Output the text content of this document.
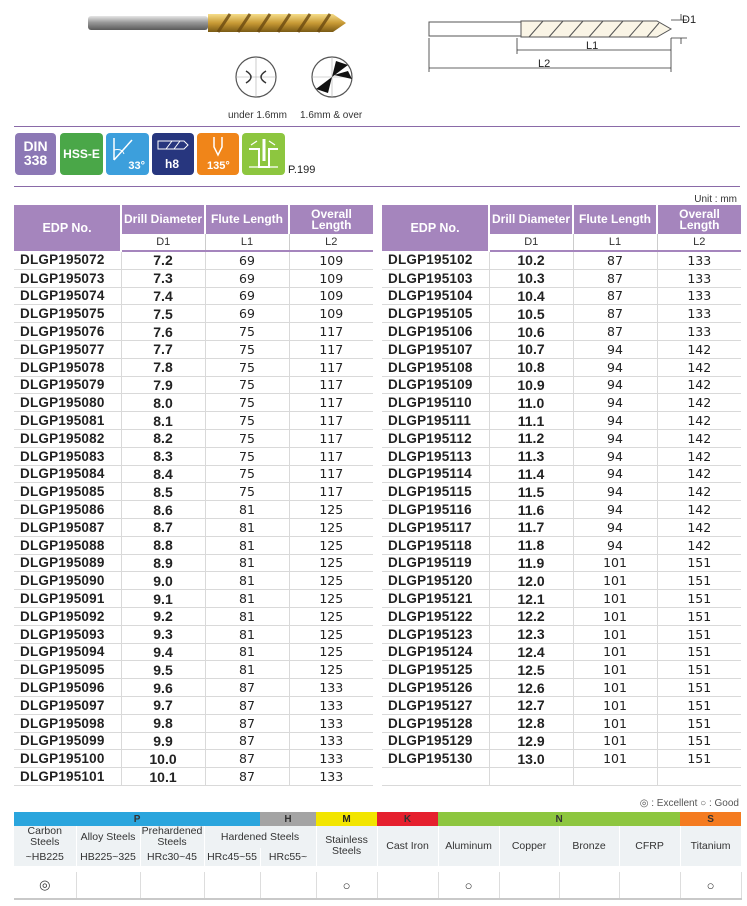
under 1.6mm 1.6mm & over
D1
L1
L2
DIN
338	HSS-E
33° h8	135°	P.199
Unit : mm
EDP No.	Drill Diameter	Flute Length	Overall Length
	D1	L1	L2
DLGP195072	7.2	69	109
DLGP195073	7.3	69	109
DLGP195074	7.4	69	109
DLGP195075	7.5	69	109
DLGP195076	7.6	75	117
DLGP195077	7.7	75	117
DLGP195078	7.8	75	117
DLGP195079	7.9	75	117
DLGP195080	8.0	75	117
DLGP195081	8.1	75	117
DLGP195082	8.2	75	117
DLGP195083	8.3	75	117
DLGP195084	8.4	75	117
DLGP195085	8.5	75	117
DLGP195086	8.6	81	125
DLGP195087	8.7	81	125
DLGP195088	8.8	81	125
DLGP195089	8.9	81	125
DLGP195090	9.0	81	125
DLGP195091	9.1	81	125
DLGP195092	9.2	81	125
DLGP195093	9.3	81	125
DLGP195094	9.4	81	125
DLGP195095	9.5	81	125
DLGP195096	9.6	87	133
DLGP195097	9.7	87	133
DLGP195098	9.8	87	133
DLGP195099	9.9	87	133
DLGP195100	10.0	87	133
DLGP195101	10.1	87	133
EDP No.	Drill Diameter	Flute Length	Overall Length
	D1	L1	L2
DLGP195102	10.2	87	133
DLGP195103	10.3	87	133
DLGP195104	10.4	87	133
DLGP195105	10.5	87	133
DLGP195106	10.6	87	133
DLGP195107	10.7	94	142
DLGP195108	10.8	94	142
DLGP195109	10.9	94	142
DLGP195110	11.0	94	142
DLGP195111	11.1	94	142
DLGP195112	11.2	94	142
DLGP195113	11.3	94	142
DLGP195114	11.4	94	142
DLGP195115	11.5	94	142
DLGP195116	11.6	94	142
DLGP195117	11.7	94	142
DLGP195118	11.8	94	142
DLGP195119	11.9	101	151
DLGP195120	12.0	101	151
DLGP195121	12.1	101	151
DLGP195122	12.2	101	151
DLGP195123	12.3	101	151
DLGP195124	12.4	101	151
DLGP195125	12.5	101	151
DLGP195126	12.6	101	151
DLGP195127	12.7	101	151
DLGP195128	12.8	101	151
DLGP195129	12.9	101	151
DLGP195130	13.0	101	151

◎ : Excellent ○ : Good
P				H	M	K	N				S
Carbon Steels	Alloy Steels	Prehardened Steels	Hardened Steels		Stainless Steels	Cast Iron	Aluminum	Copper	Bronze	CFRP	Titanium
~HB225	HB225~325	HRc30~45	HRc45~55	HRc55~							

◎					○		○				○
